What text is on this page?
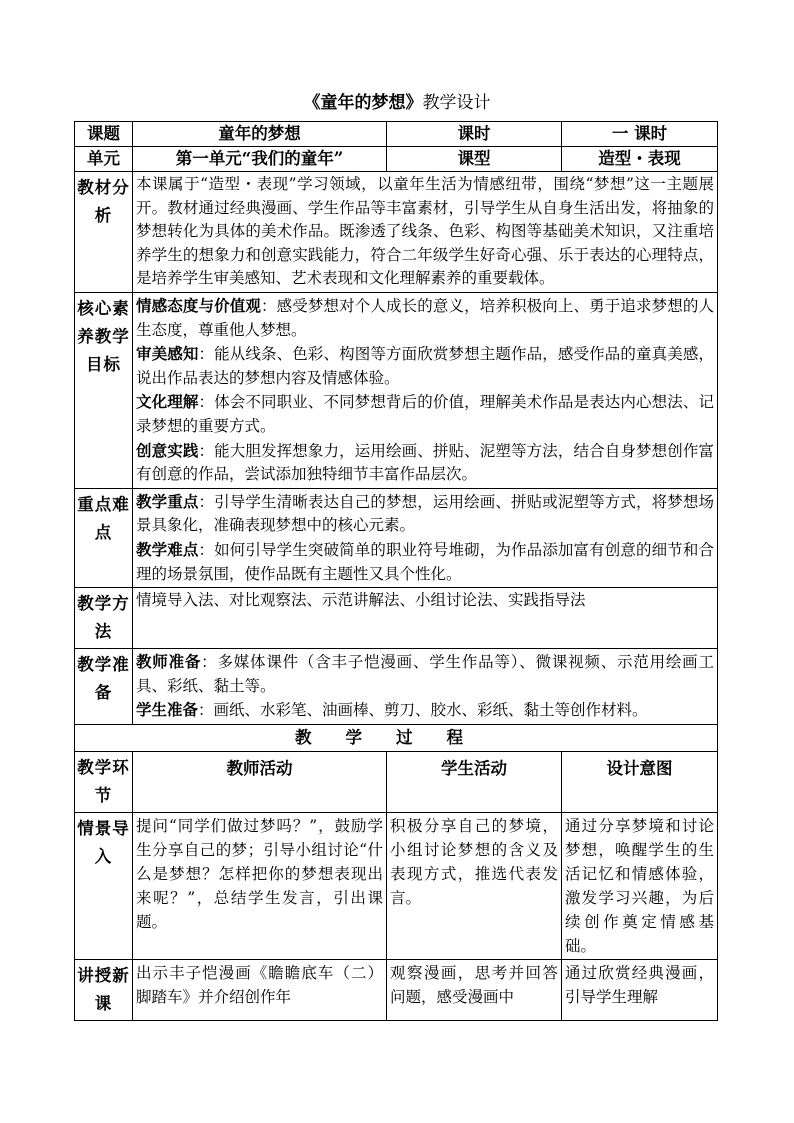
《童年的梦想》教学设计
课题	童年的梦想	课时	一 课时
单元	第一单元“我们的童年”	课型	造型・表现
教材分析	本课属于“造型・表现”学习领域，以童年生活为情感纽带，围绕“梦想”这一主题展开。教材通过经典漫画、学生作品等丰富素材，引导学生从自身生活出发，将抽象的梦想转化为具体的美术作品。既渗透了线条、色彩、构图等基础美术知识，又注重培养学生的想象力和创意实践能力，符合二年级学生好奇心强、乐于表达的心理特点，是培养学生审美感知、艺术表现和文化理解素养的重要载体。		
核心素养教学目标	情感态度与价值观：感受梦想对个人成长的意义，培养积极向上、勇于追求梦想的人生态度，尊重他人梦想。

审美感知：能从线条、色彩、构图等方面欣赏梦想主题作品，感受作品的童真美感，说出作品表达的梦想内容及情感体验。

文化理解：体会不同职业、不同梦想背后的价值，理解美术作品是表达内心想法、记录梦想的重要方式。

创意实践：能大胆发挥想象力，运用绘画、拼贴、泥塑等方法，结合自身梦想创作富有创意的作品，尝试添加独特细节丰富作品层次。		

重点难点	教学重点：引导学生清晰表达自己的梦想，运用绘画、拼贴或泥塑等方式，将梦想场景具象化，准确表现梦想中的核心元素。

教学难点：如何引导学生突破简单的职业符号堆砌，为作品添加富有创意的细节和合理的场景氛围，使作品既有主题性又具个性化。		

教学方法	情境导入法、对比观察法、示范讲解法、小组讨论法、实践指导法		
教学准备	教师准备：多媒体课件（含丰子恺漫画、学生作品等）、微课视频、示范用绘画工具、彩纸、黏土等。

学生准备：画纸、水彩笔、油画棒、剪刀、胶水、彩纸、黏土等创作材料。		

教学过程			
教学环节	教师活动	学生活动	设计意图
情景导入	提问“同学们做过梦吗？”，鼓励学生分享自己的梦；引导小组讨论“什么是梦想？怎样把你的梦想表现出来呢？”，总结学生发言，引出课题。	积极分享自己的梦境，小组讨论梦想的含义及表现方式，推选代表发言。	通过分享梦境和讨论梦想，唤醒学生的生活记忆和情感体验，激发学习兴趣，为后续创作奠定情感基础。
讲授新课	出示丰子恺漫画《瞻瞻底车（二）脚踏车》并介绍创作年	观察漫画，思考并回答问题，感受漫画中	通过欣赏经典漫画，引导学生理解
